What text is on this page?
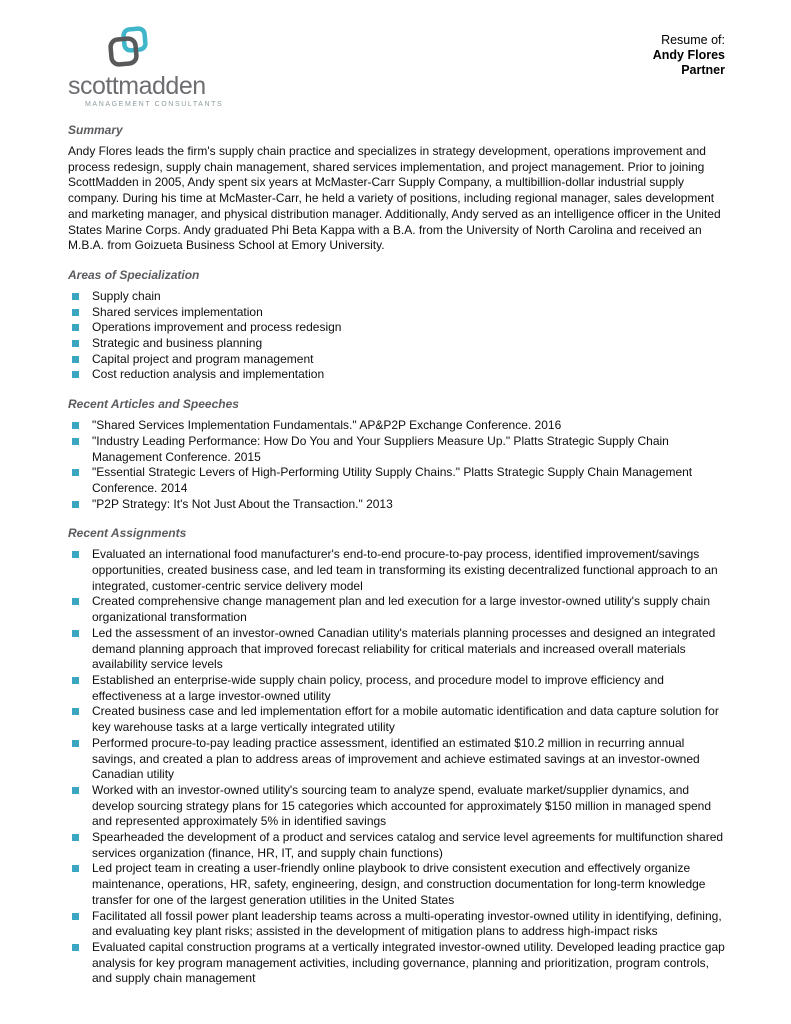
scottmadden
MANAGEMENT CONSULTANTS
Resume of:
Andy Flores
Partner
Summary

Andy Flores leads the firm's supply chain practice and specializes in strategy development, operations improvement and process redesign, supply chain management, shared services implementation, and project management. Prior to joining ScottMadden in 2005, Andy spent six years at McMaster-Carr Supply Company, a multibillion-dollar industrial supply company. During his time at McMaster-Carr, he held a variety of positions, including regional manager, sales development and marketing manager, and physical distribution manager. Additionally, Andy served as an intelligence officer in the United States Marine Corps. Andy graduated Phi Beta Kappa with a B.A. from the University of North Carolina and received an M.B.A. from Goizueta Business School at Emory University.

Areas of Specialization
Supply chain
Shared services implementation
Operations improvement and process redesign
Strategic and business planning
Capital project and program management
Cost reduction analysis and implementation
Recent Articles and Speeches
"Shared Services Implementation Fundamentals." AP&P2P Exchange Conference. 2016
"Industry Leading Performance: How Do You and Your Suppliers Measure Up." Platts Strategic Supply Chain Management Conference. 2015
"Essential Strategic Levers of High-Performing Utility Supply Chains." Platts Strategic Supply Chain Management Conference. 2014
"P2P Strategy: It's Not Just About the Transaction." 2013
Recent Assignments
Evaluated an international food manufacturer's end-to-end procure-to-pay process, identified improvement/savings opportunities, created business case, and led team in transforming its existing decentralized functional approach to an integrated, customer-centric service delivery model
Created comprehensive change management plan and led execution for a large investor-owned utility's supply chain organizational transformation
Led the assessment of an investor-owned Canadian utility's materials planning processes and designed an integrated demand planning approach that improved forecast reliability for critical materials and increased overall materials availability service levels
Established an enterprise-wide supply chain policy, process, and procedure model to improve efficiency and effectiveness at a large investor-owned utility
Created business case and led implementation effort for a mobile automatic identification and data capture solution for key warehouse tasks at a large vertically integrated utility
Performed procure-to-pay leading practice assessment, identified an estimated $10.2 million in recurring annual savings, and created a plan to address areas of improvement and achieve estimated savings at an investor-owned Canadian utility
Worked with an investor-owned utility's sourcing team to analyze spend, evaluate market/supplier dynamics, and develop sourcing strategy plans for 15 categories which accounted for approximately $150 million in managed spend and represented approximately 5% in identified savings
Spearheaded the development of a product and services catalog and service level agreements for multifunction shared services organization (finance, HR, IT, and supply chain functions)
Led project team in creating a user-friendly online playbook to drive consistent execution and effectively organize maintenance, operations, HR, safety, engineering, design, and construction documentation for long-term knowledge transfer for one of the largest generation utilities in the United States
Facilitated all fossil power plant leadership teams across a multi-operating investor-owned utility in identifying, defining, and evaluating key plant risks; assisted in the development of mitigation plans to address high-impact risks
Evaluated capital construction programs at a vertically integrated investor-owned utility. Developed leading practice gap analysis for key program management activities, including governance, planning and prioritization, program controls, and supply chain management
